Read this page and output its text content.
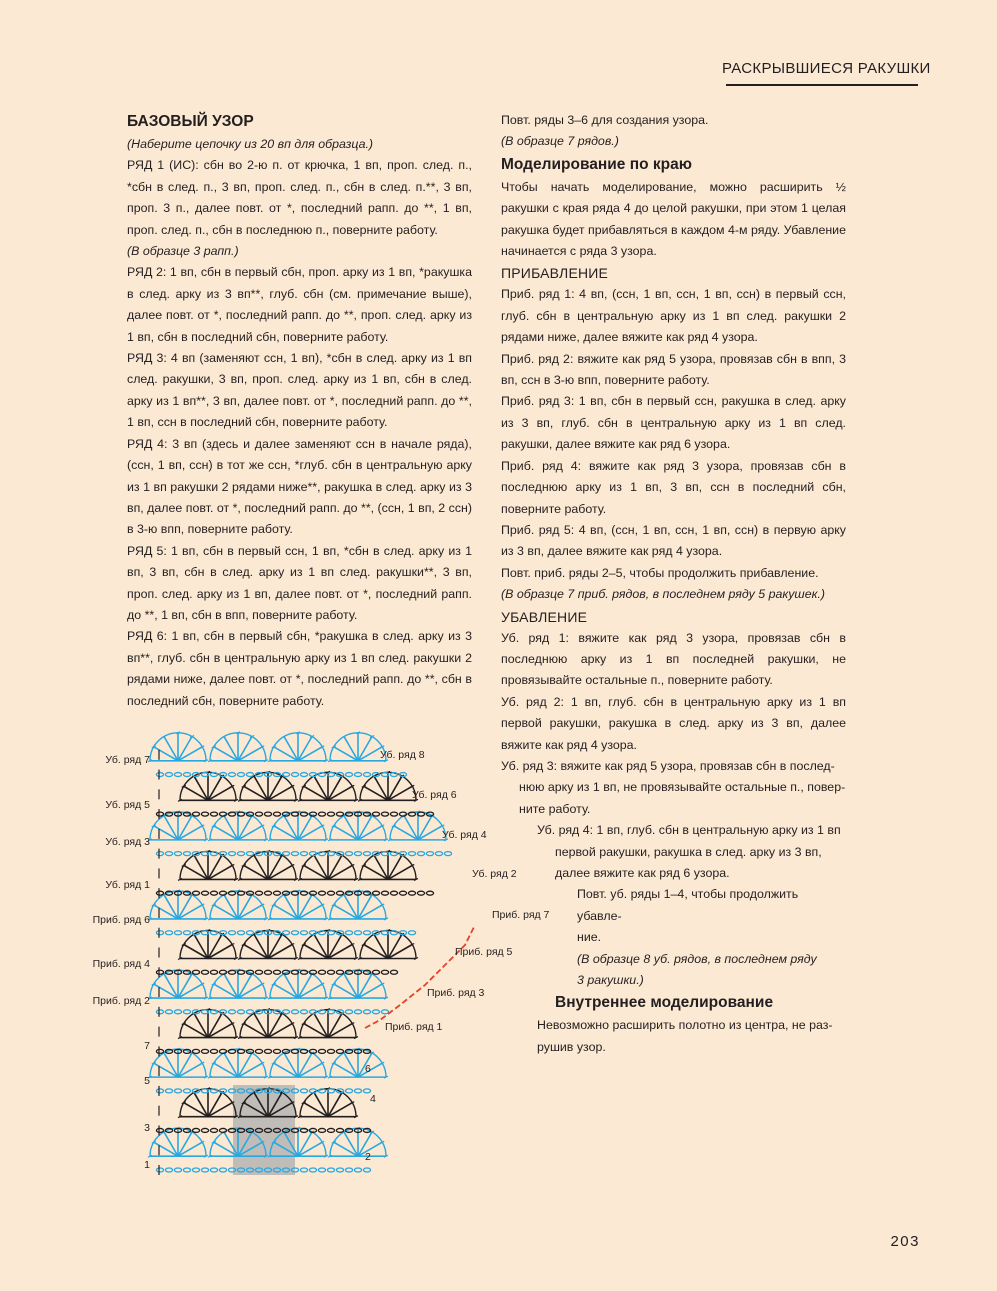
РАСКРЫВШИЕСЯ РАКУШКИ

БАЗОВЫЙ УЗОР

(Наберите цепочку из 20 вп для образца.)

РЯД 1 (ИС): сбн во 2-ю п. от крючка, 1 вп, проп. след. п., *сбн в след. п., 3 вп, проп. след. п., сбн в след. п.**, 3 вп, проп. 3 п., далее повт. от *, последний рапп. до **, 1 вп, проп. след. п., сбн в последнюю п., поверните работу.

(В образце 3 рапп.)

РЯД 2: 1 вп, сбн в первый сбн, проп. арку из 1 вп, *ракушка в след. арку из 3 вп**, глуб. сбн (см. примечание выше), далее повт. от *, последний рапп. до **, проп. след. арку из 1 вп, сбн в последний сбн, поверните работу.

РЯД 3: 4 вп (заменяют ссн, 1 вп), *сбн в след. арку из 1 вп след. ракушки, 3 вп, проп. след. арку из 1 вп, сбн в след. арку из 1 вп**, 3 вп, далее повт. от *, последний рапп. до **, 1 вп, ссн в последний сбн, поверните работу.

РЯД 4: 3 вп (здесь и далее заменяют ссн в начале ряда), (ссн, 1 вп, ссн) в тот же ссн, *глуб. сбн в центральную арку из 1 вп ракушки 2 рядами ниже**, ракушка в след. арку из 3 вп, далее повт. от *, последний рапп. до **, (ссн, 1 вп, 2 ссн) в 3-ю впп, поверните работу.

РЯД 5: 1 вп, сбн в первый ссн, 1 вп, *сбн в след. арку из 1 вп, 3 вп, сбн в след. арку из 1 вп след. ракушки**, 3 вп, проп. след. арку из 1 вп, далее повт. от *, последний рапп. до **, 1 вп, сбн в впп, поверните работу.

РЯД 6: 1 вп, сбн в первый сбн, *ракушка в след. арку из 3 вп**, глуб. сбн в центральную арку из 1 вп след. ракушки 2 рядами ниже, далее повт. от *, последний рапп. до **, сбн в последний сбн, поверните работу.

Повт. ряды 3–6 для создания узора.

(В образце 7 рядов.)

Моделирование по краю

Чтобы начать моделирование, можно расширить ½ ракушки с края ряда 4 до целой ракушки, при этом 1 целая ракушка будет прибавляться в каждом 4-м ряду. Убавление начинается с ряда 3 узора.

ПРИБАВЛЕНИЕ

Приб. ряд 1: 4 вп, (ссн, 1 вп, ссн, 1 вп, ссн) в первый ссн, глуб. сбн в центральную арку из 1 вп след. ракушки 2 рядами ниже, далее вяжите как ряд 4 узора.

Приб. ряд 2: вяжите как ряд 5 узора, провязав сбн в впп, 3 вп, ссн в 3-ю впп, поверните работу.

Приб. ряд 3: 1 вп, сбн в первый ссн, ракушка в след. арку из 3 вп, глуб. сбн в центральную арку из 1 вп след. ракушки, далее вяжите как ряд 6 узора.

Приб. ряд 4: вяжите как ряд 3 узора, провязав сбн в последнюю арку из 1 вп, 3 вп, ссн в последний сбн, поверните работу.

Приб. ряд 5: 4 вп, (ссн, 1 вп, ссн, 1 вп, ссн) в первую арку из 3 вп, далее вяжите как ряд 4 узора.

Повт. приб. ряды 2–5, чтобы продолжить прибавление.

(В образце 7 приб. рядов, в последнем ряду 5 ракушек.)

УБАВЛЕНИЕ

Уб. ряд 1: вяжите как ряд 3 узора, провязав сбн в последнюю арку из 1 вп последней ракушки, не провязывайте остальные п., поверните работу.

Уб. ряд 2: 1 вп, глуб. сбн в центральную арку из 1 вп первой ракушки, ракушка в след. арку из 3 вп, далее вяжите как ряд 4 узора.

Уб. ряд 3: вяжите как ряд 5 узора, провязав сбн в послед-

нюю арку из 1 вп, не провязывайте остальные п., повер-

ните работу.

Уб. ряд 4: 1 вп, глуб. сбн в центральную арку из 1 вп

первой ракушки, ракушка в след. арку из 3 вп,

далее вяжите как ряд 6 узора.

Повт. уб. ряды 1–4, чтобы продолжить убавле-

ние.

(В образце 8 уб. рядов, в последнем ряду

3 ракушки.)

Внутреннее моделирование

Невозможно расширить полотно из центра, не раз-

рушив узор.

Уб. ряд 7
Уб. ряд 5
Уб. ряд 3
Уб. ряд 1
Приб. ряд 6
Приб. ряд 4
Приб. ряд 2
7
5
3
1
Уб. ряд 8
Уб. ряд 6
Уб. ряд 4
Уб. ряд 2
Приб. ряд 7
Приб. ряд 5
Приб. ряд 3
Приб. ряд 1
6
4
2
203
